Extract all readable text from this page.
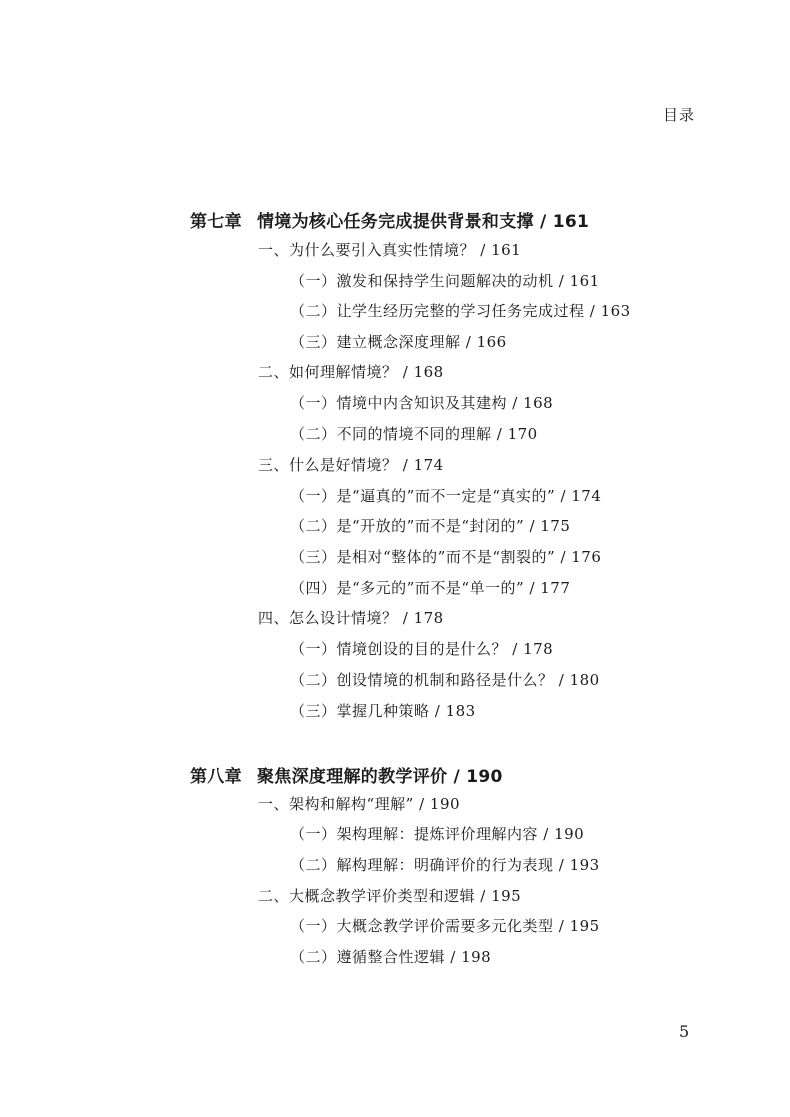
目录
第七章 情境为核心任务完成提供背景和支撑 / 161
一、为什么要引入真实性情境？ / 161
（一）激发和保持学生问题解决的动机 / 161
（二）让学生经历完整的学习任务完成过程 / 163
（三）建立概念深度理解 / 166
二、如何理解情境？ / 168
（一）情境中内含知识及其建构 / 168
（二）不同的情境不同的理解 / 170
三、什么是好情境？ / 174
（一）是“逼真的”而不一定是“真实的” / 174
（二）是“开放的”而不是“封闭的” / 175
（三）是相对“整体的”而不是“割裂的” / 176
（四）是“多元的”而不是“单一的” / 177
四、怎么设计情境？ / 178
（一）情境创设的目的是什么？ / 178
（二）创设情境的机制和路径是什么？ / 180
（三）掌握几种策略 / 183
第八章 聚焦深度理解的教学评价 / 190
一、架构和解构“理解” / 190
（一）架构理解：提炼评价理解内容 / 190
（二）解构理解：明确评价的行为表现 / 193
二、大概念教学评价类型和逻辑 / 195
（一）大概念教学评价需要多元化类型 / 195
（二）遵循整合性逻辑 / 198
5
